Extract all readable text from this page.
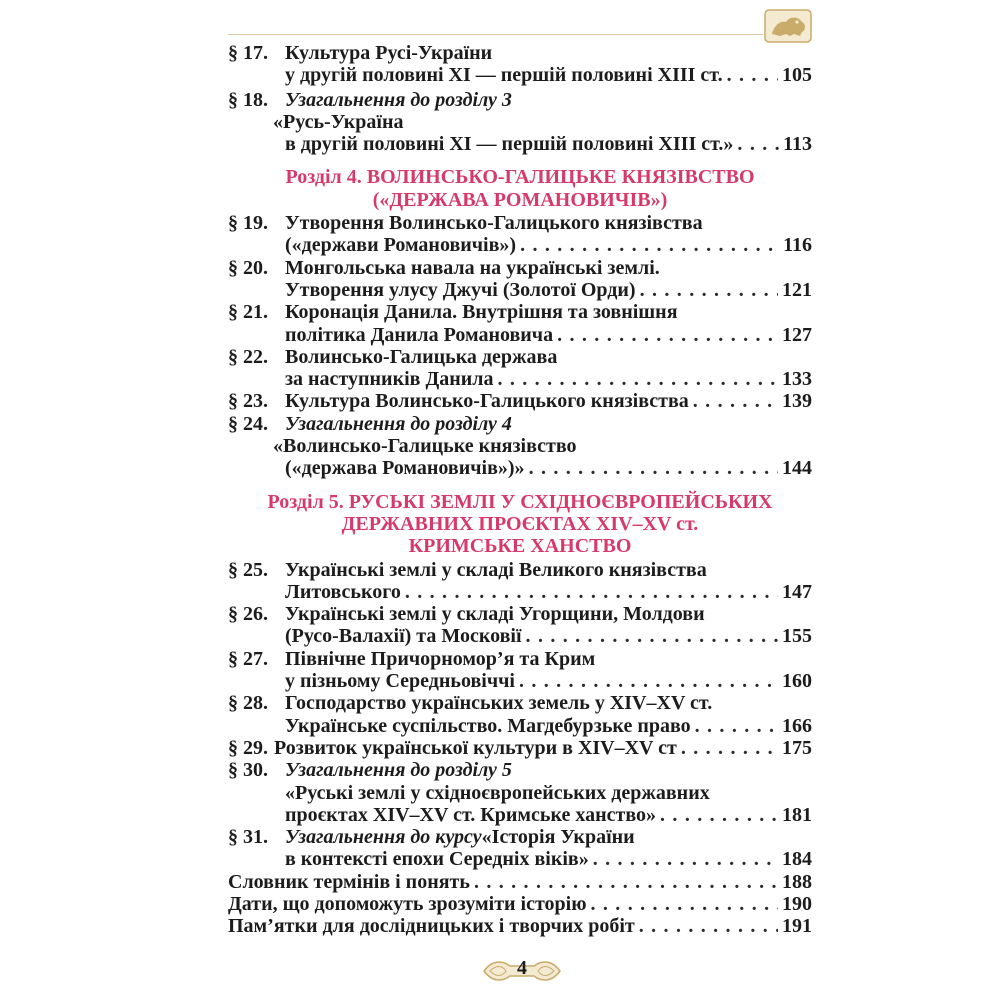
§ 17. Культура Русі-України
у другій половині XI — першій половині XIII ст. . . .	105
§ 18. Узагальнення до розділу 3
«Русь-Україна
в другій половині XI — першій половині XIII ст.» . . . 113
Розділ 4. ВОЛИНСЬКО-ГАЛИЦЬКЕ КНЯЗІВСТВО
(«ДЕРЖАВА РОМАНОВИЧІВ»)
§ 19. Утворення Волинсько-Галицького князівства
(«держави Романовичів») . . .	116
§ 20. Монгольська навала на українські землі.
Утворення улусу Джучі (Золотої Орди) . . .	121
§ 21. Коронація Данила. Внутрішня та зовнішня
політика Данила Романовича . . .	127
§ 22. Волинсько-Галицька держава
за наступників Данила . . .	133
§ 23. Культура Волинсько-Галицького князівства . . .	139
§ 24. Узагальнення до розділу 4
«Волинсько-Галицьке князівство
(«держава Романовичів»)» . . .	144
Розділ 5. РУСЬКІ ЗЕМЛІ У СХІДНОЄВРОПЕЙСЬКИХ
ДЕРЖАВНИХ ПРОЄКТАХ XIV–XV ст.
КРИМСЬКЕ ХАНСТВО
§ 25. Українські землі у складі Великого князівства
Литовського . . .	147
§ 26. Українські землі у складі Угорщини, Молдови
(Русо-Валахії) та Московії . . .	155
§ 27. Північне Причорномор’я та Крим
у пізньому Середньовіччі . . .	160
§ 28. Господарство українських земель у XIV–XV ст.
Українське суспільство. Магдебурзьке право . . .	166
§ 29. Розвиток української культури в XIV–XV ст . . .	175
§ 30. Узагальнення до розділу 5
«Руські землі у східноєвропейських державних
проєктах XIV–XV ст. Кримське ханство» . . .	181
§ 31. Узагальнення до курсу «Історія України
в контексті епохи Середніх віків» . . .	184
Словник термінів і понять . . .	188
Дати, що допоможуть зрозуміти історію . . .	190
Пам’ятки для дослідницьких і творчих робіт . . .	191
4
